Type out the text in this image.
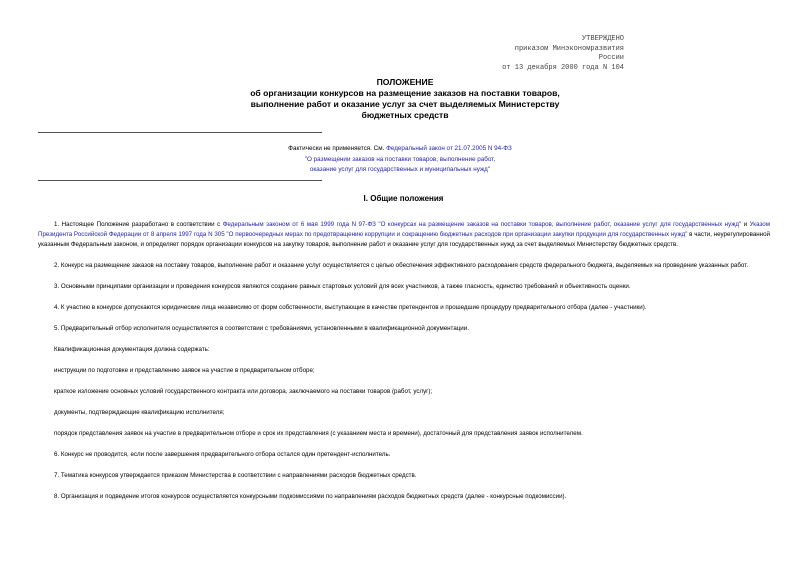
УТВЕРЖДЕНО
приказом Минэкономразвития
России
от 13 декабря 2000 года N 104
ПОЛОЖЕНИЕ
об организации конкурсов на размещение заказов на поставки товаров,
выполнение работ и оказание услуг за счет выделяемых Министерству
бюджетных средств
Фактически не применяется. См. Федеральный закон от 21.07.2005 N 94-ФЗ
"О размещении заказов на поставки товаров, выполнение работ,
оказание услуг для государственных и муниципальных нужд"
I. Общие положения

1. Настоящее Положение разработано в соответствии с Федеральным законом от 6 мая 1999 года N 97-ФЗ "О конкурсах на размещение заказов на поставки товаров, выполнение работ, оказание услуг для государственных нужд" и Указом Президента Российской Федерации от 8 апреля 1997 года N 305 "О первоочередных мерах по предотвращению коррупции и сокращению бюджетных расходов при организации закупки продукции для государственных нужд" в части, неурегулированной указанным Федеральным законом, и определяет порядок организации конкурсов на закупку товаров, выполнение работ и оказание услуг для государственных нужд за счет выделяемых Министерству бюджетных средств.

2. Конкурс на размещение заказов на поставку товаров, выполнение работ и оказание услуг осуществляется с целью обеспечения эффективного расходования средств федерального бюджета, выделяемых на проведение указанных работ.

3. Основными принципами организации и проведения конкурсов являются создание равных стартовых условий для всех участников, а также гласность, единство требований и объективность оценки.

4. К участию в конкурсе допускаются юридические лица независимо от форм собственности, выступающие в качестве претендентов и прошедшие процедуру предварительного отбора (далее - участники).

5. Предварительный отбор исполнителя осуществляется в соответствии с требованиями, установленными в квалификационной документации.

Квалификационная документация должна содержать:

инструкции по подготовке и представлению заявок на участие в предварительном отборе;

краткое изложение основных условий государственного контракта или договора, заключаемого на поставки товаров (работ, услуг);

документы, подтверждающие квалификацию исполнителя;

порядок представления заявок на участие в предварительном отборе и срок их представления (с указанием места и времени), достаточный для представления заявок исполнителем.

6. Конкурс не проводится, если после завершения предварительного отбора остался один претендент-исполнитель.

7. Тематика конкурсов утверждается приказом Министерства в соответствии с направлениями расходов бюджетных средств.

8. Организация и подведение итогов конкурсов осуществляется конкурсными подкомиссиями по направлениям расходов бюджетных средств (далее - конкурсные подкомиссии).
